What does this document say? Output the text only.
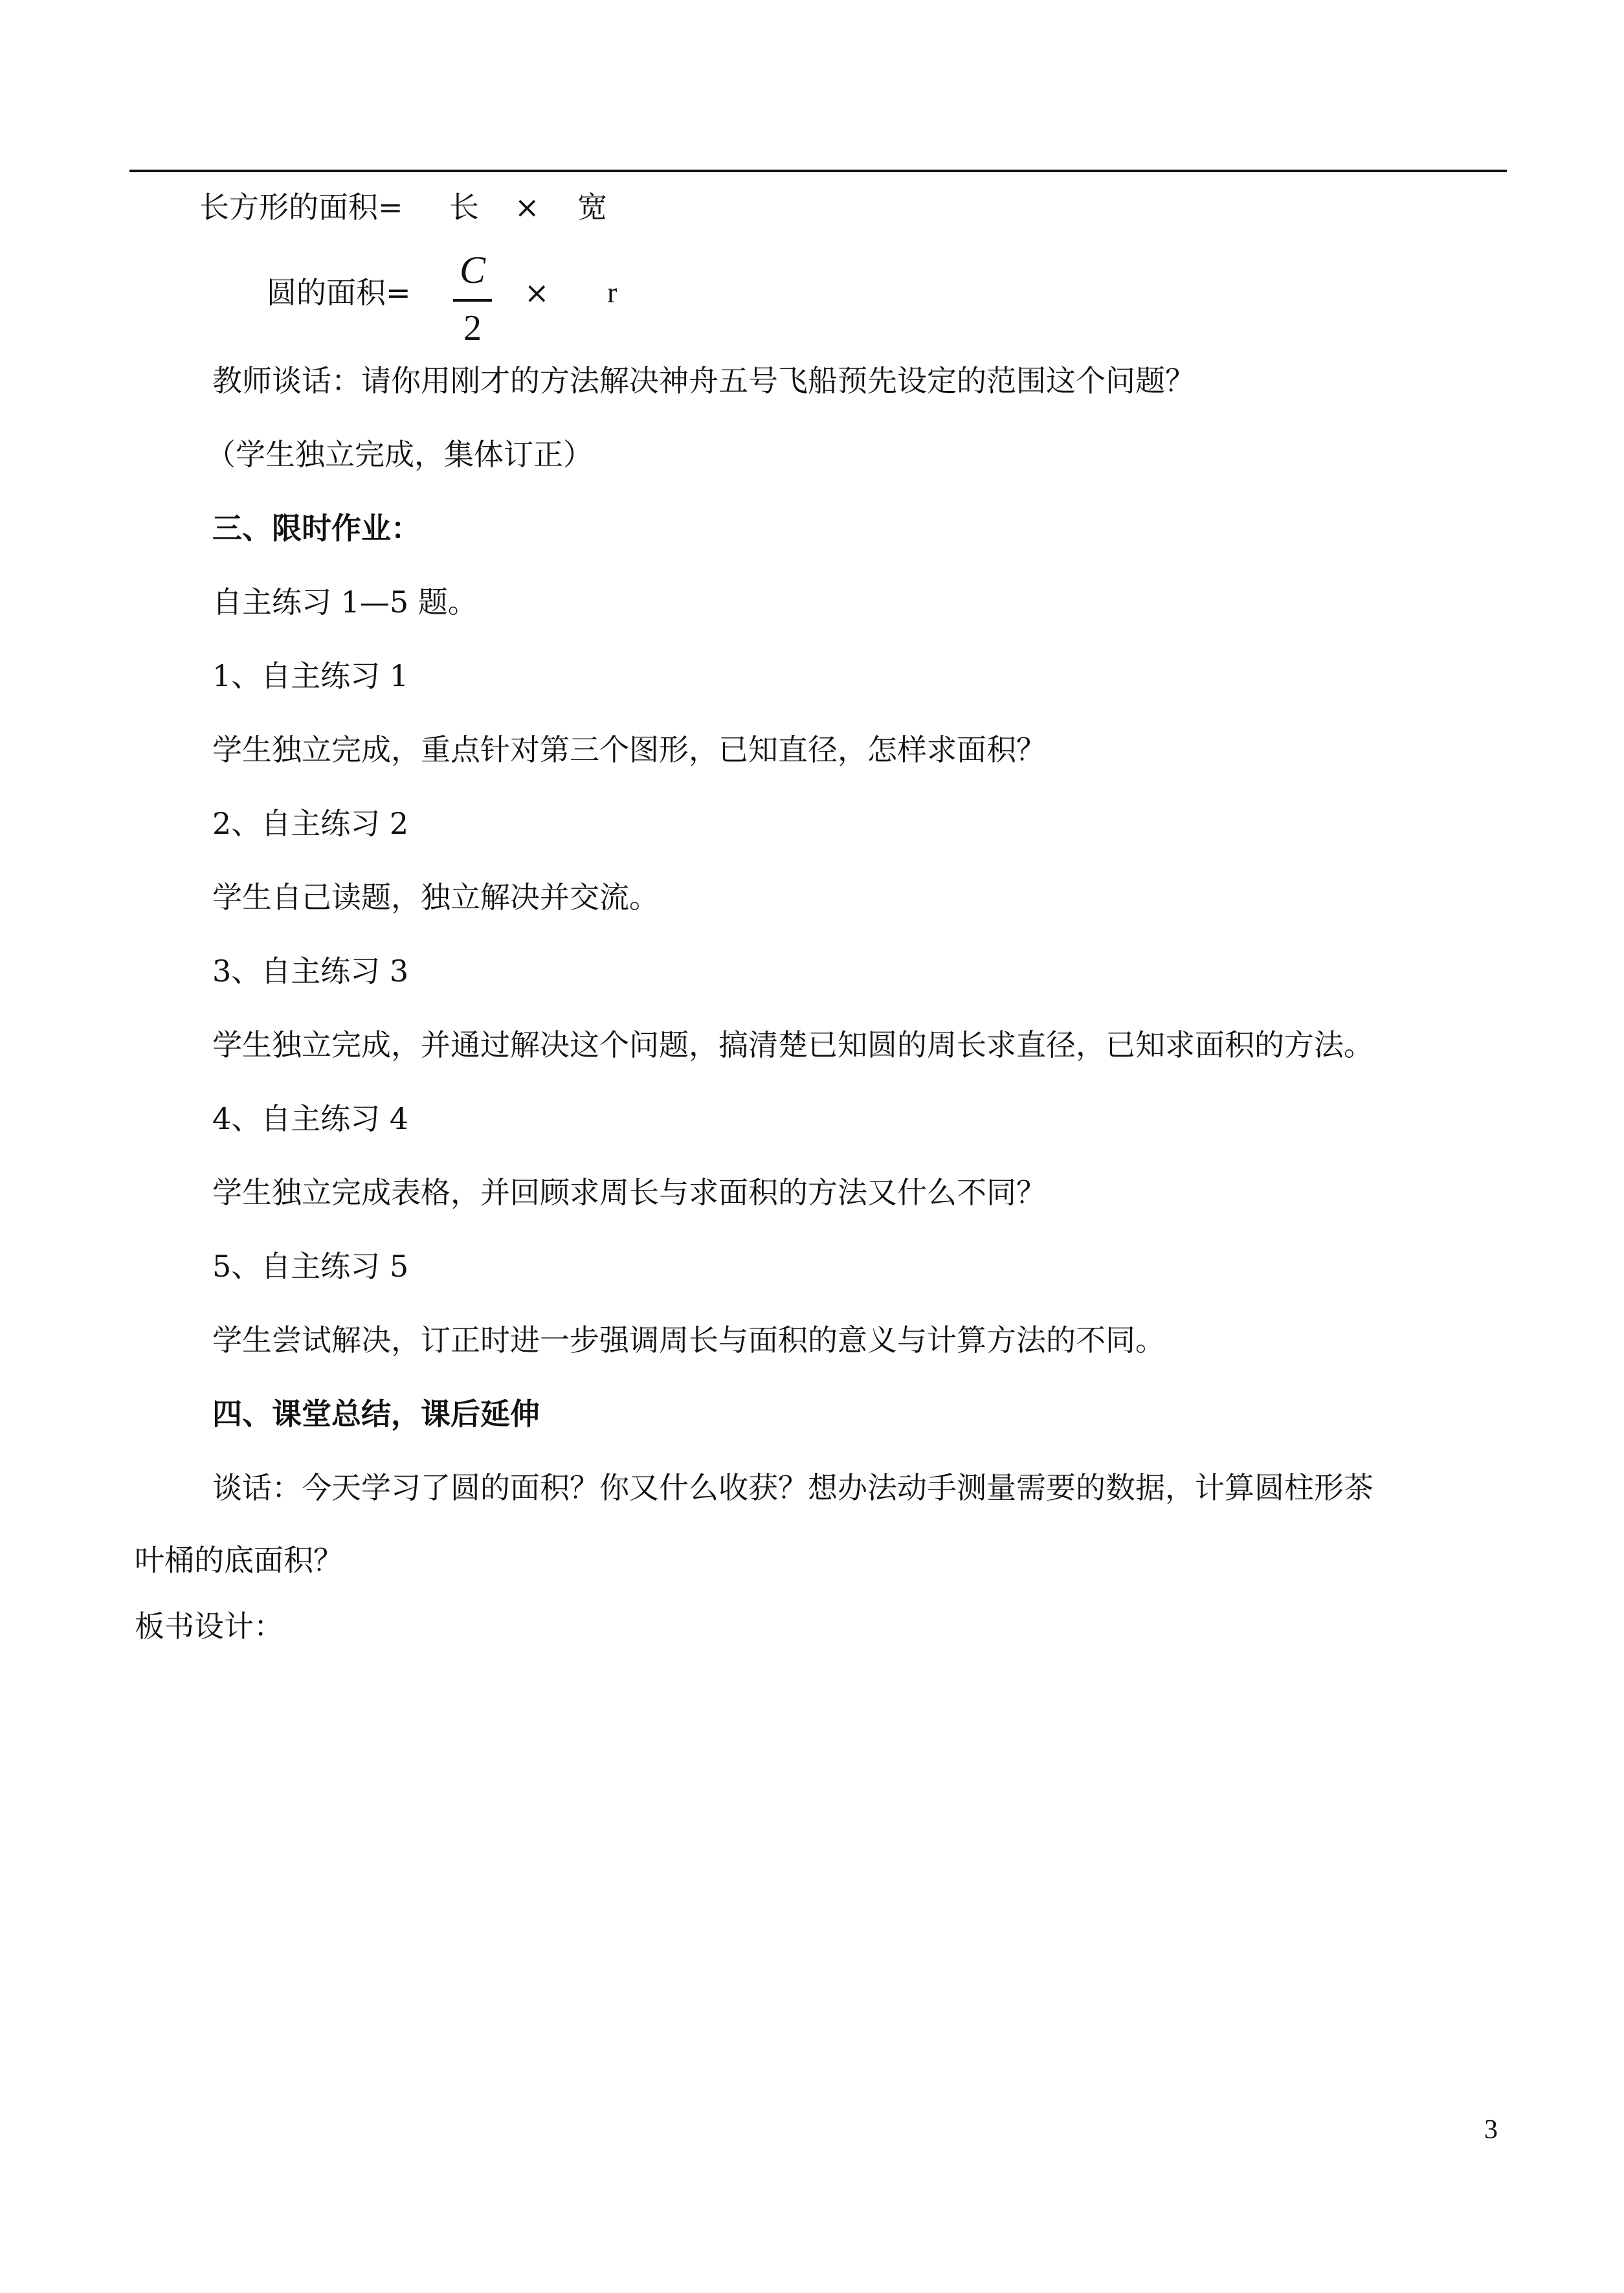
长方形的面积= 长 × 宽
圆的面积=
C
2
× r
教师谈话：请你用刚才的方法解决神舟五号飞船预先设定的范围这个问题？
（学生独立完成，集体订正）
三、限时作业：
自主练习 1—5 题。
1、自主练习 1
学生独立完成，重点针对第三个图形，已知直径，怎样求面积？
2、自主练习 2
学生自己读题，独立解决并交流。
3、自主练习 3
学生独立完成，并通过解决这个问题，搞清楚已知圆的周长求直径，已知求面积的方法。
4、自主练习 4
学生独立完成表格，并回顾求周长与求面积的方法又什么不同？
5、自主练习 5
学生尝试解决，订正时进一步强调周长与面积的意义与计算方法的不同。
四、课堂总结，课后延伸
谈话：今天学习了圆的面积？你又什么收获？想办法动手测量需要的数据，计算圆柱形茶
叶桶的底面积？
板书设计：
3
